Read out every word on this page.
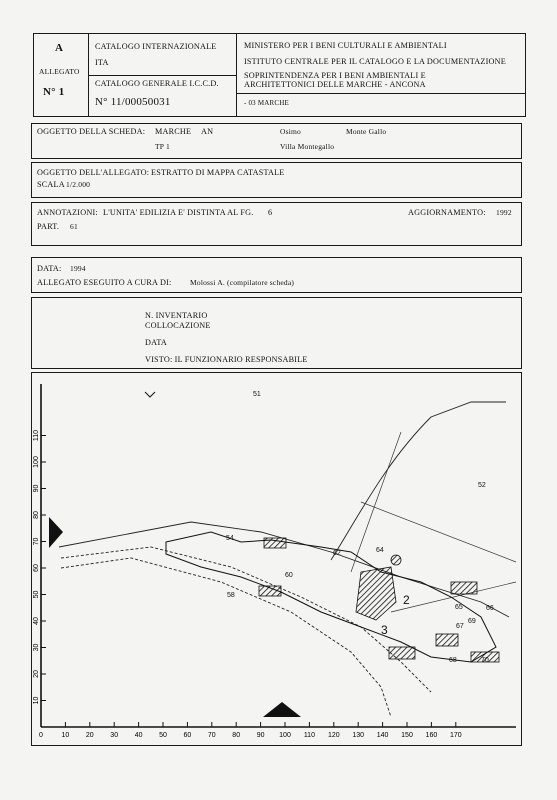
A
ALLEGATO
N° 1
CATALOGO INTERNAZIONALE
ITA
CATALOGO GENERALE I.C.C.D.
N° 11/00050031
MINISTERO PER I BENI CULTURALI E AMBIENTALI
ISTITUTO CENTRALE PER IL CATALOGO E LA DOCUMENTAZIONE
SOPRINTENDENZA PER I BENI AMBIENTALI E
ARCHITETTONICI DELLE MARCHE - ANCONA
- 03 MARCHE
OGGETTO DELLA SCHEDA: MARCHE AN	Osimo	Monte Gallo
TP 1	Villa Montegallo
OGGETTO DELL'ALLEGATO: ESTRATTO DI MAPPA CATASTALE
SCALA 1/2.000
ANNOTAZIONI: L'UNITA' EDILIZIA E' DISTINTA AL FG. 6	AGGIORNAMENTO: 1992
PART. 61
DATA: 1994
ALLEGATO ESEGUITO A CURA DI: Molossi A. (compilatore scheda)
N. INVENTARIO
COLLOCAZIONE
DATA
VISTO: IL FUNZIONARIO RESPONSABILE
10
20
30
40
50
60
70
80
90
100
110
0	10 20 30 40 50 60 70 80 90 100 110 120 130 140 150 160 170
51
52
54
60
58
62	64
65	66
67
68
69
70
2
3
